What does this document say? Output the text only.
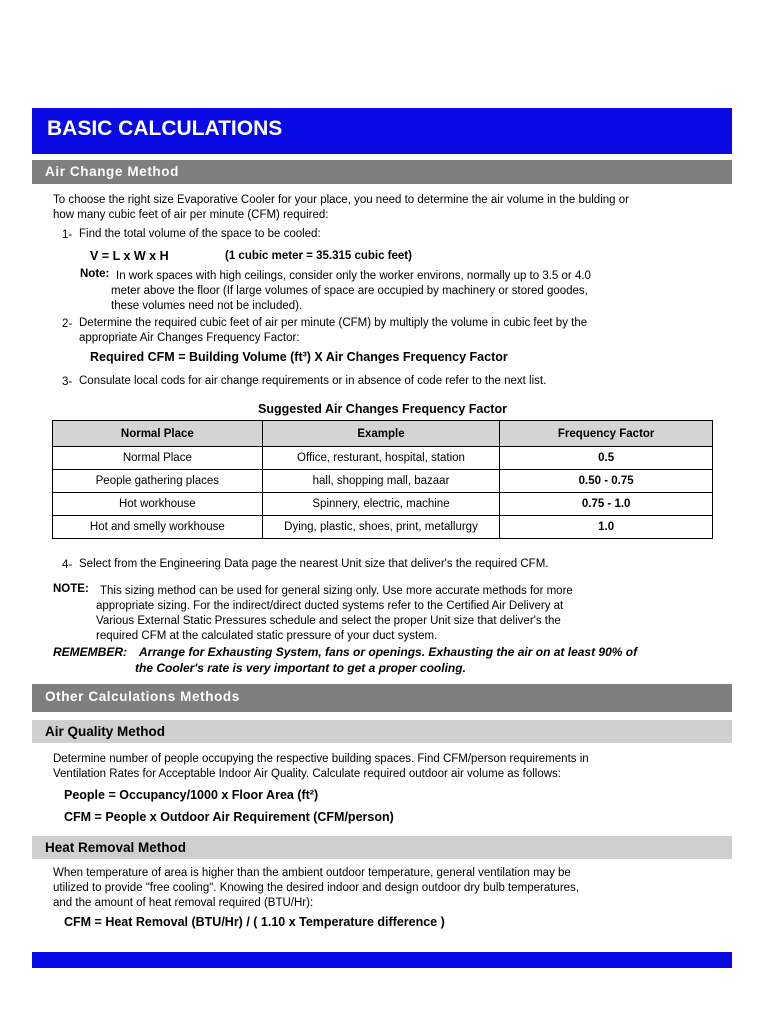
BASIC CALCULATIONS
Air Change Method
To choose the right size Evaporative Cooler for your place, you need to determine the air volume in the bulding or
how many cubic feet of air per minute (CFM) required:
1- Find the total volume of the space to be cooled:
V = L x W x H	(1 cubic meter = 35.315 cubic feet)
Note: In work spaces with high ceilings, consider only the worker environs, normally up to 3.5 or 4.0
meter above the floor (If large volumes of space are occupied by machinery or stored goodes,
these volumes need not be included).
2- Determine the required cubic feet of air per minute (CFM) by multiply the volume in cubic feet by the
appropriate Air Changes Frequency Factor:
Required CFM = Building Volume (ft³) X Air Changes Frequency Factor
3- Consulate local cods for air change requirements or in absence of code refer to the next list.
Suggested Air Changes Frequency Factor
Normal Place	Example	Frequency Factor
Normal Place	Office, resturant, hospital, station	0.5
People gathering places	hall, shopping mall, bazaar	0.50 - 0.75
Hot workhouse	Spinnery, electric, machine	0.75 - 1.0
Hot and smelly workhouse	Dying, plastic, shoes, print, metallurgy	1.0
4- Select from the Engineering Data page the nearest Unit size that deliver's the required CFM.
NOTE: This sizing method can be used for general sizing only. Use more accurate methods for more
appropriate sizing. For the indirect/direct ducted systems refer to the Certified Air Delivery at
Various External Static Pressures schedule and select the proper Unit size that deliver's the
required CFM at the calculated static pressure of your duct system.
REMEMBER: Arrange for Exhausting System, fans or openings. Exhausting the air on at least 90% of
the Cooler's rate is very important to get a proper cooling.
Other Calculations Methods
Air Quality Method
Determine number of people occupying the respective building spaces. Find CFM/person requirements in
Ventilation Rates for Acceptable Indoor Air Quality. Calculate required outdoor air volume as follows:
People = Occupancy/1000 x Floor Area (ft²)
CFM = People x Outdoor Air Requirement (CFM/person)
Heat Removal Method
When temperature of area is higher than the ambient outdoor temperature, general ventilation may be
utilized to provide "free cooling". Knowing the desired indoor and design outdoor dry bulb temperatures,
and the amount of heat removal required (BTU/Hr):
CFM = Heat Removal (BTU/Hr) / ( 1.10 x Temperature difference )
